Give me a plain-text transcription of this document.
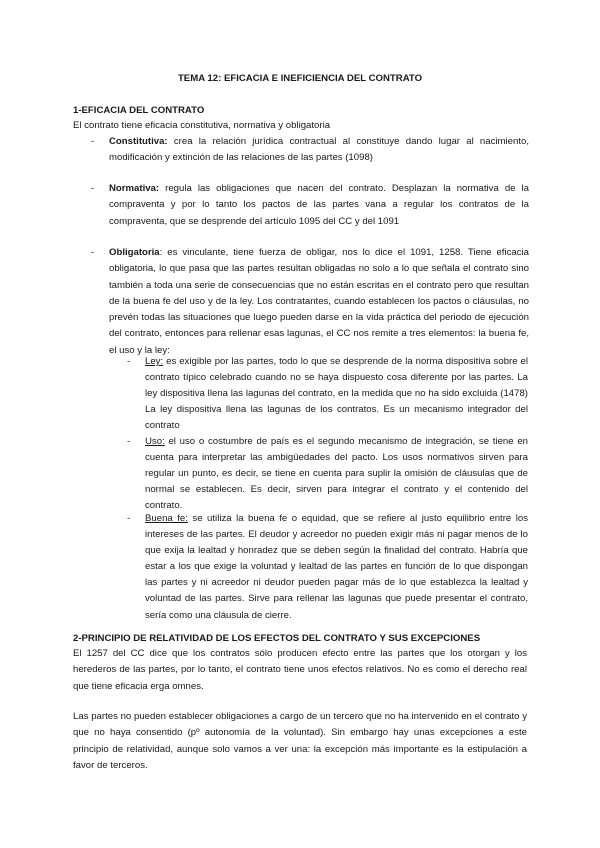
TEMA 12: EFICACIA E INEFICIENCIA DEL CONTRATO
1-EFICACIA DEL CONTRATO
El contrato tiene eficacia constitutiva, normativa y obligatoria
- Constitutiva: crea la relación jurídica contractual al constituye dando lugar al nacimiento, modificación y extinción de las relaciones de las partes (1098)
- Normativa: regula las obligaciones que nacen del contrato. Desplazan la normativa de la compraventa y por lo tanto los pactos de las partes vana a regular los contratos de la compraventa, que se desprende del artículo 1095 del CC y del 1091
- Obligatoria: es vinculante, tiene fuerza de obligar, nos lo dice el 1091, 1258. Tiene eficacia obligatoria, lo que pasa que las partes resultan obligadas no solo a lo que señala el contrato sino también a toda una serie de consecuencias que no están escritas en el contrato pero que resultan de la buena fe del uso y de la ley. Los contratantes, cuando establecen los pactos o cláusulas, no prevén todas las situaciones que luego pueden darse en la vida práctica del periodo de ejecución del contrato, entonces para rellenar esas lagunas, el CC nos remite a tres elementos: la buena fe, el uso y la ley:
- Ley: es exigible por las partes, todo lo que se desprende de la norma dispositiva sobre el contrato típico celebrado cuando no se haya dispuesto cosa diferente por las partes. La ley dispositiva llena las lagunas del contrato, en la medida que no ha sido excluida (1478) La ley dispositiva llena las lagunas de los contratos. Es un mecanismo integrador del contrato
- Uso: el uso o costumbre de país es el segundo mecanismo de integración, se tiene en cuenta para interpretar las ambigüedades del pacto. Los usos normativos sirven para regular un punto, es decir, se tiene en cuenta para suplir la omisión de cláusulas que de normal se establecen. Es decir, sirven para integrar el contrato y el contenido del contrato.
- Buena fe: se utiliza la buena fe o equidad, que se refiere al justo equilibrio entre los intereses de las partes. El deudor y acreedor no pueden exigir más ni pagar menos de lo que exija la lealtad y honradez que se deben según la finalidad del contrato. Habría que estar a los que exige la voluntad y lealtad de las partes en función de lo que dispongan las partes y ni acreedor ni deudor pueden pagar más de lo que establezca la lealtad y voluntad de las partes. Sirve para rellenar las lagunas que puede presentar el contrato, sería como una cláusula de cierre.
2-PRINCIPIO DE RELATIVIDAD DE LOS EFECTOS DEL CONTRATO Y SUS EXCEPCIONES
El 1257 del CC dice que los contratos sólo producen efecto entre las partes que los otorgan y los herederos de las partes, por lo tanto, el contrato tiene unos efectos relativos. No es como el derecho real que tiene eficacia erga omnes.
Las partes no pueden establecer obligaciones a cargo de un tercero que no ha intervenido en el contrato y que no haya consentido (pº autonomía de la voluntad). Sin embargo hay unas excepciones a este principio de relatividad, aunque solo vamos a ver una: la excepción más importante es la estipulación a favor de terceros.
